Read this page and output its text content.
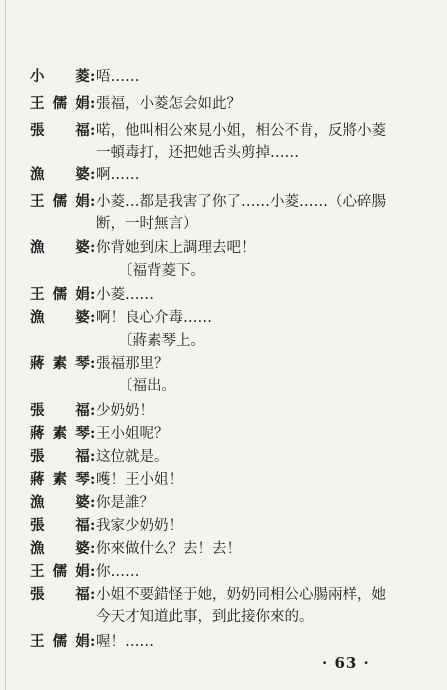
小　菱 : 唔……
王儒娟 : 張福，小菱怎会如此？
張　福 : 喏，他叫相公來見小姐，相公不肯，反將小菱
一頓毒打，还把她舌头剪掉……
漁　婆 : 啊……
王儒娟 : 小菱…都是我害了你了……小菱……（心碎腸
断，一时無言）
漁　婆 : 你背她到床上調理去吧！
〔福背菱下。
王儒娟 : 小菱……
漁　婆 : 啊！良心介毒……
〔蔣素琴上。
蔣素琴 : 張福那里？
〔福出。
張　福 : 少奶奶！
蔣素琴 : 王小姐呢？
張　福 : 这位就是。
蔣素琴 : 嚄！王小姐！
漁　婆 : 你是誰？
張　福 : 我家少奶奶！
漁　婆 : 你來做什么？去！去！
王儒娟 : 你……
張　福 : 小姐不要錯怪于她，奶奶同相公心腸兩样，她
今天才知道此事，到此接你來的。
王儒娟 : 喔！……
· 63 ·
